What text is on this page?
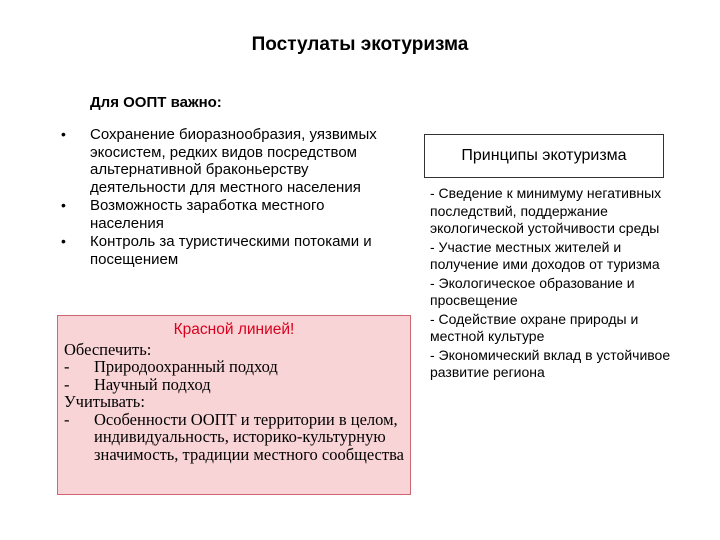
Постулаты экотуризма
Для ООПТ важно:
• Сохранение биоразнообразия, уязвимых экосистем, редких видов посредством альтернативной браконьерству деятельности для местного населения
• Возможность заработка местного населения
• Контроль за туристическими потоками и посещением
Красной линией!
Обеспечить:
- Природоохранный подход
- Научный подход
Учитывать:
- Особенности ООПТ и территории в целом, индивидуальность, историко-культурную значимость, традиции местного сообщества
Принципы экотуризма
- Сведение к минимуму негативных последствий, поддержание экологической устойчивости среды
- Участие местных жителей и получение ими доходов от туризма
- Экологическое образование и просвещение
- Содействие охране природы и местной культуре
- Экономический вклад в устойчивое развитие региона
